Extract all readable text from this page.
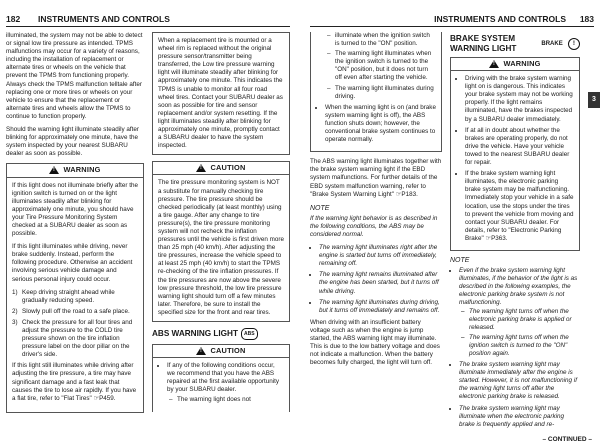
182 INSTRUMENTS AND CONTROLS

illuminated, the system may not be able to detect or signal low tire pressure as intended. TPMS malfunctions may occur for a variety of reasons, including the installation of replacement or alternate tires or wheels on the vehicle that prevent the TPMS from functioning properly. Always check the TPMS malfunction telltale after replacing one or more tires or wheels on your vehicle to ensure that the replacement or alternate tires and wheels allow the TPMS to continue to function properly.

Should the warning light illuminate steadily after blinking for approximately one minute, have the system inspected by your nearest SUBARU dealer as soon as possible.

!
WARNING

If this light does not illuminate briefly after the ignition switch is turned on or the light illuminates steadily after blinking for approximately one minute, you should have your Tire Pressure Monitoring System checked at a SUBARU dealer as soon as possible.

If this light illuminates while driving, never brake suddenly. Instead, perform the following procedure. Otherwise an accident involving serious vehicle damage and serious personal injury could occur.

1) Keep driving straight ahead while gradually reducing speed.
2) Slowly pull off the road to a safe place.
3) Check the pressure for all four tires and adjust the pressure to the COLD tire pressure shown on the tire inflation pressure label on the door pillar on the driver's side.

If this light still illuminates while driving after adjusting the tire pressure, a tire may have significant damage and a fast leak that causes the tire to lose air rapidly. If you have a flat tire, refer to "Flat Tires" ☞P459.

When a replacement tire is mounted or a wheel rim is replaced without the original pressure sensor/transmitter being transferred, the Low tire pressure warning light will illuminate steadily after blinking for approximately one minute. This indicates the TPMS is unable to monitor all four road wheel tires. Contact your SUBARU dealer as soon as possible for tire and sensor replacement and/or system resetting. If the light illuminates steadily after blinking for approximately one minute, promptly contact a SUBARU dealer to have the system inspected.

!
CAUTION

The tire pressure monitoring system is NOT a substitute for manually checking tire pressure. The tire pressure should be checked periodically (at least monthly) using a tire gauge. After any change to tire pressure(s), the tire pressure monitoring system will not recheck the inflation pressures until the vehicle is first driven more than 25 mph (40 km/h). After adjusting the tire pressures, increase the vehicle speed to at least 25 mph (40 km/h) to start the TPMS re-checking of the tire inflation pressures. If the tire pressures are now above the severe low pressure threshold, the low tire pressure warning light should turn off a few minutes later. Therefore, be sure to install the specified size for the front and rear tires.

ABS WARNING LIGHT	ABS
!
CAUTION
• If any of the following conditions occur, we recommend that you have the ABS repaired at the first available opportunity by your SUBARU dealer.
– The warning light does not
INSTRUMENTS AND CONTROLS 183
3
– illuminate when the ignition switch is turned to the "ON" position.
– The warning light illuminates when the ignition switch is turned to the "ON" position, but it does not turn off even after starting the vehicle.
– The warning light illuminates during driving.
• When the warning light is on (and brake system warning light is off), the ABS function shuts down; however, the conventional brake system continues to operate normally.

The ABS warning light illuminates together with the brake system warning light if the EBD system malfunctions. For further details of the EBD system malfunction warning, refer to "Brake System Warning Light" ☞P183.

NOTE

If the warning light behavior is as described in the following conditions, the ABS may be considered normal.

• The warning light illuminates right after the engine is started but turns off immediately, remaining off.
• The warning light remains illuminated after the engine has been started, but it turns off while driving.
• The warning light illuminates during driving, but it turns off immediately and remains off.

When driving with an insufficient battery voltage such as when the engine is jump started, the ABS warning light may illuminate. This is due to the low battery voltage and does not indicate a malfunction. When the battery becomes fully charged, the light will turn off.

BRAKE SYSTEM WARNING LIGHT	BRAKE !
!
WARNING
• Driving with the brake system warning light on is dangerous. This indicates your brake system may not be working properly. If the light remains illuminated, have the brakes inspected by a SUBARU dealer immediately.
• If at all in doubt about whether the brakes are operating properly, do not drive the vehicle. Have your vehicle towed to the nearest SUBARU dealer for repair.
• If the brake system warning light illuminates, the electronic parking brake system may be malfunctioning. Immediately stop your vehicle in a safe location, use the stops under the tires to prevent the vehicle from moving and contact your SUBARU dealer. For details, refer to "Electronic Parking Brake" ☞P363.
NOTE
• Even if the brake system warning light illuminates, if the behavior of the light is as described in the following examples, the electronic parking brake system is not malfunctioning.
– The warning light turns off when the electronic parking brake is applied or released.
– The warning light turns off when the ignition switch is turned to the "ON" position again.
• The brake system warning light may illuminate immediately after the engine is started. However, it is not malfunctioning if the warning light turns off after the electronic parking brake is released.
• The brake system warning light may illuminate when the electronic parking brake is frequently applied and re-
– CONTINUED –
